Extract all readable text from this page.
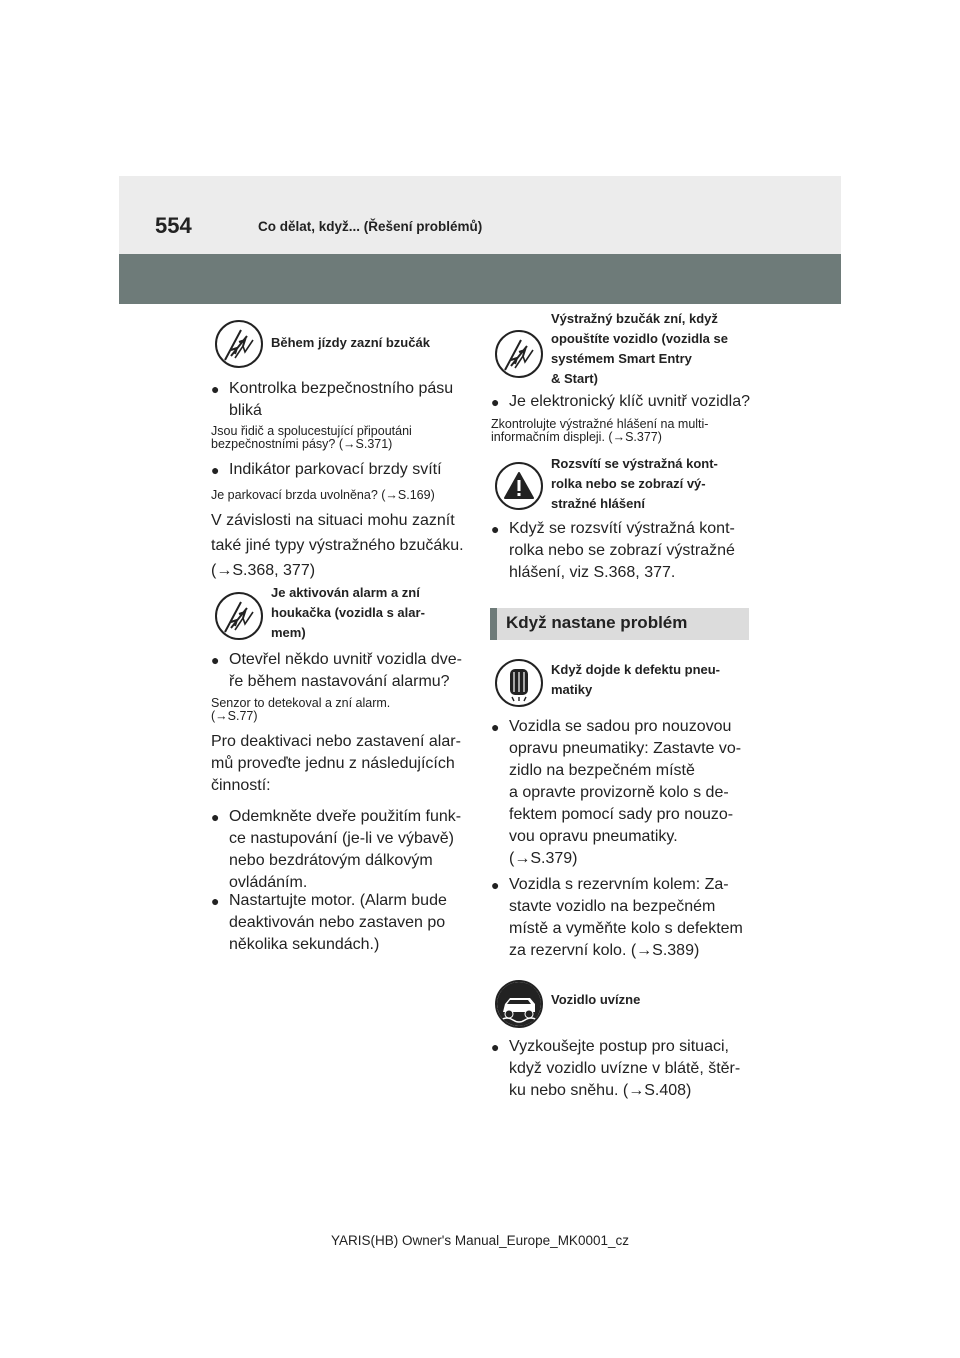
554	Co dělat, když... (Řešení problémů)
Během jízdy zazní bzučák
● Kontrolka bezpečnostního pásu
bliká
Jsou řidič a spolucestující připoutáni
bezpečnostními pásy? (→S.371)
● Indikátor parkovací brzdy svítí
Je parkovací brzda uvolněna? (→S.169)
V závislosti na situaci mohu zaznít
také jiné typy výstražného bzučáku.
(→S.368, 377)
Je aktivován alarm a zní
houkačka (vozidla s alar-
mem)
● Otevřel někdo uvnitř vozidla dve-
ře během nastavování alarmu?
Senzor to detekoval a zní alarm.
(→S.77)
Pro deaktivaci nebo zastavení alar-
mů proveďte jednu z následujících
činností:
● Odemkněte dveře použitím funk-
ce nastupování (je-li ve výbavě)
nebo bezdrátovým dálkovým
ovládáním.
● Nastartujte motor. (Alarm bude
deaktivován nebo zastaven po
několika sekundách.)
Výstražný bzučák zní, když
opouštíte vozidlo (vozidla se
systémem Smart Entry
& Start)
● Je elektronický klíč uvnitř vozidla?
Zkontrolujte výstražné hlášení na multi-
informačním displeji. (→S.377)
Rozsvítí se výstražná kont-
rolka nebo se zobrazí vý-
stražné hlášení
● Když se rozsvítí výstražná kont-
rolka nebo se zobrazí výstražné
hlášení, viz S.368, 377.
Když nastane problém
Když dojde k defektu pneu-
matiky
● Vozidla se sadou pro nouzovou
opravu pneumatiky: Zastavte vo-
zidlo na bezpečném místě
a opravte provizorně kolo s de-
fektem pomocí sady pro nouzo-
vou opravu pneumatiky.
(→S.379)
● Vozidla s rezervním kolem: Za-
stavte vozidlo na bezpečném
místě a vyměňte kolo s defektem
za rezervní kolo. (→S.389)
Vozidlo uvízne
● Vyzkoušejte postup pro situaci,
když vozidlo uvízne v blátě, štěr-
ku nebo sněhu. (→S.408)
YARIS(HB) Owner's Manual_Europe_MK0001_cz
